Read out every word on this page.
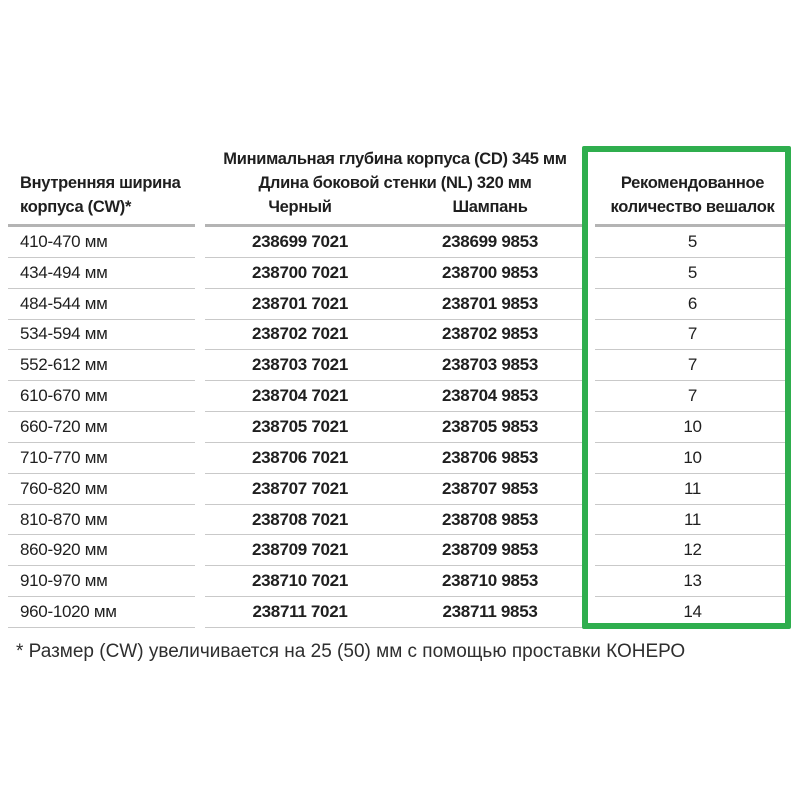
Внутренняя ширина
корпуса (CW)*
Минимальная глубина корпуса (CD) 345 мм
Длина боковой стенки (NL) 320 мм
Черный	Шампань
Рекомендованное
количество вешалок
410-470 мм	238699 7021	238699 9853	5
434-494 мм	238700 7021	238700 9853	5
484-544 мм	238701 7021	238701 9853	6
534-594 мм	238702 7021	238702 9853	7
552-612 мм	238703 7021	238703 9853	7
610-670 мм	238704 7021	238704 9853	7
660-720 мм	238705 7021	238705 9853	10
710-770 мм	238706 7021	238706 9853	10
760-820 мм	238707 7021	238707 9853	11
810-870 мм	238708 7021	238708 9853	11
860-920 мм	238709 7021	238709 9853	12
910-970 мм	238710 7021	238710 9853	13
960-1020 мм	238711 7021	238711 9853	14
* Размер (CW) увеличивается на 25 (50) мм с помощью проставки КОНЕРО
